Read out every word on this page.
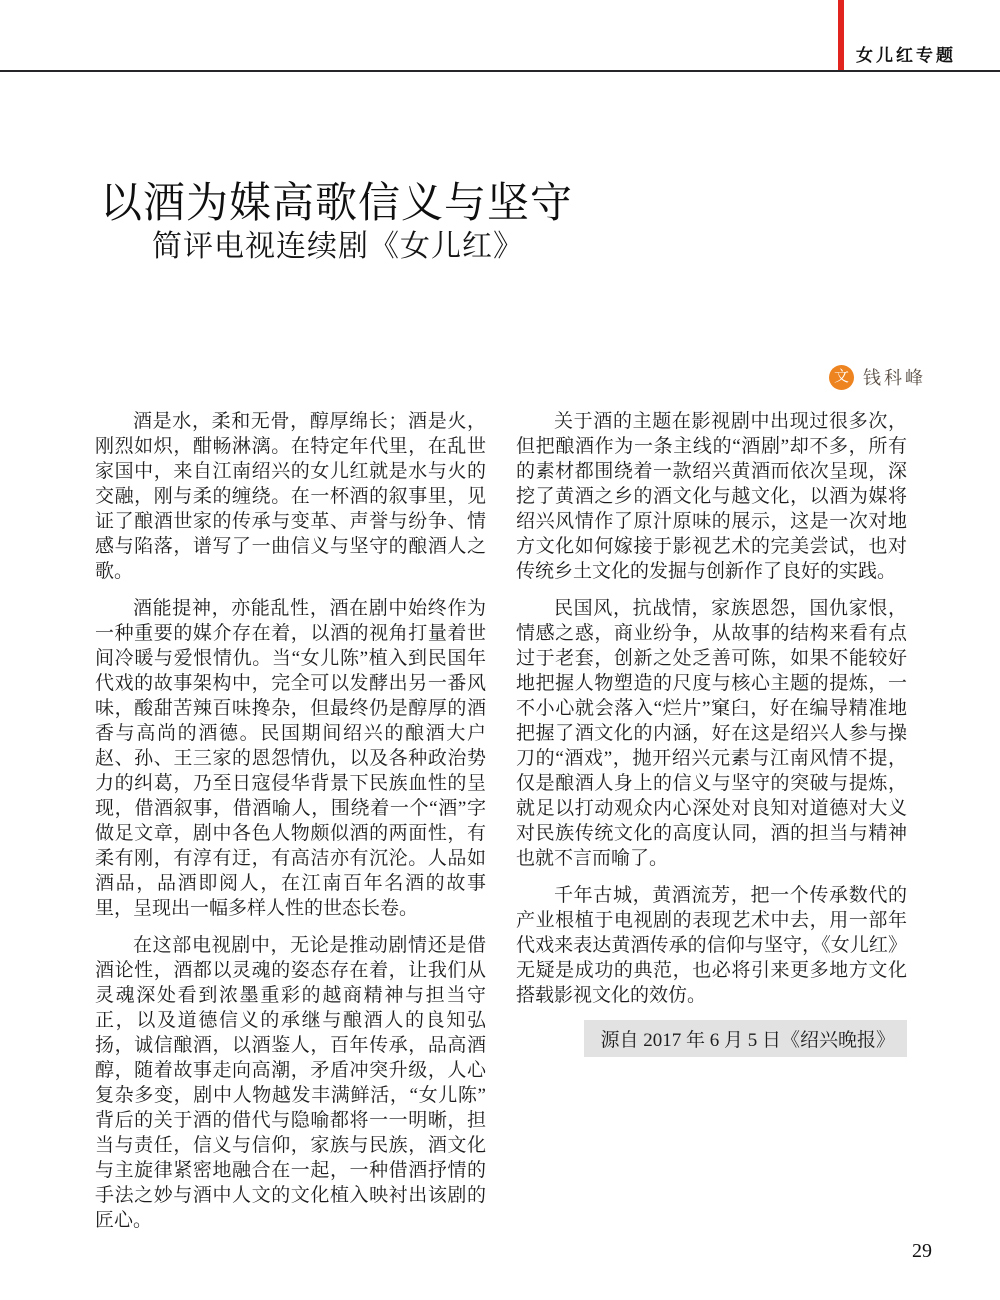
女儿红专题
以酒为媒高歌信义与坚守
简评电视连续剧《女儿红》
文 钱科峰

酒是水，柔和无骨，醇厚绵长；酒是火，刚烈如炽，酣畅淋漓。在特定年代里，在乱世家国中，来自江南绍兴的女儿红就是水与火的交融，刚与柔的缠绕。在一杯酒的叙事里，见证了酿酒世家的传承与变革、声誉与纷争、情感与陷落，谱写了一曲信义与坚守的酿酒人之歌。

酒能提神，亦能乱性，酒在剧中始终作为一种重要的媒介存在着，以酒的视角打量着世间冷暖与爱恨情仇。当“女儿陈”植入到民国年代戏的故事架构中，完全可以发酵出另一番风味，酸甜苦辣百味搀杂，但最终仍是醇厚的酒香与高尚的酒德。民国期间绍兴的酿酒大户赵、孙、王三家的恩怨情仇，以及各种政治势力的纠葛，乃至日寇侵华背景下民族血性的呈现，借酒叙事，借酒喻人，围绕着一个“酒”字做足文章，剧中各色人物颇似酒的两面性，有柔有刚，有淳有迂，有高洁亦有沉沦。人品如酒品，品酒即阅人，在江南百年名酒的故事里，呈现出一幅多样人性的世态长卷。

在这部电视剧中，无论是推动剧情还是借酒论性，酒都以灵魂的姿态存在着，让我们从灵魂深处看到浓墨重彩的越商精神与担当守正，以及道德信义的承继与酿酒人的良知弘扬，诚信酿酒，以酒鉴人，百年传承，品高酒醇，随着故事走向高潮，矛盾冲突升级，人心复杂多变，剧中人物越发丰满鲜活，“女儿陈”背后的关于酒的借代与隐喻都将一一明晰，担当与责任，信义与信仰，家族与民族，酒文化与主旋律紧密地融合在一起，一种借酒抒情的手法之妙与酒中人文的文化植入映衬出该剧的匠心。

关于酒的主题在影视剧中出现过很多次，但把酿酒作为一条主线的“酒剧”却不多，所有的素材都围绕着一款绍兴黄酒而依次呈现，深挖了黄酒之乡的酒文化与越文化，以酒为媒将绍兴风情作了原汁原味的展示，这是一次对地方文化如何嫁接于影视艺术的完美尝试，也对传统乡土文化的发掘与创新作了良好的实践。

民国风，抗战情，家族恩怨，国仇家恨，情感之惑，商业纷争，从故事的结构来看有点过于老套，创新之处乏善可陈，如果不能较好地把握人物塑造的尺度与核心主题的提炼，一不小心就会落入“烂片”窠臼，好在编导精准地把握了酒文化的内涵，好在这是绍兴人参与操刀的“酒戏”，抛开绍兴元素与江南风情不提，仅是酿酒人身上的信义与坚守的突破与提炼，就足以打动观众内心深处对良知对道德对大义对民族传统文化的高度认同，酒的担当与精神也就不言而喻了。

千年古城，黄酒流芳，把一个传承数代的产业根植于电视剧的表现艺术中去，用一部年代戏来表达黄酒传承的信仰与坚守，《女儿红》无疑是成功的典范，也必将引来更多地方文化搭载影视文化的效仿。

源自 2017 年 6 月 5 日《绍兴晚报》
29
